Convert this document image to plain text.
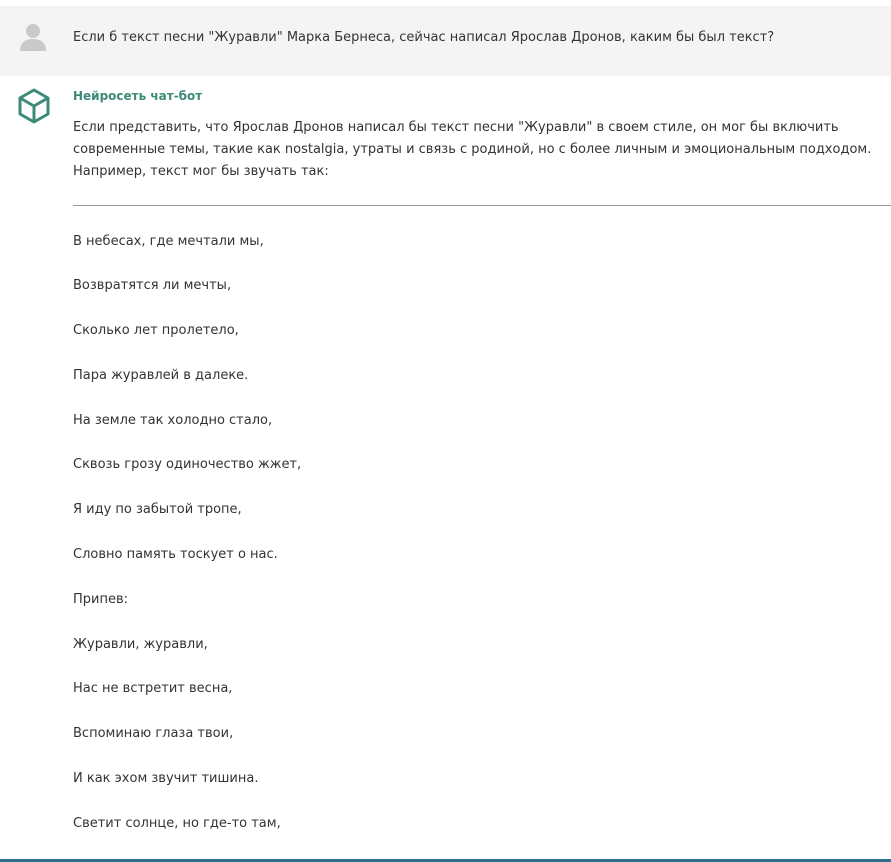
Если б текст песни "Журавли" Марка Бернеса, сейчас написал Ярослав Дронов, каким бы был текст?
Нейросеть чат-бот
Если представить, что Ярослав Дронов написал бы текст песни "Журавли" в своем стиле, он мог бы включить современные темы, такие как nostalgia, утраты и связь с родиной, но с более личным и эмоциональным подходом. Например, текст мог бы звучать так:
В небесах, где мечтали мы,
Возвратятся ли мечты,
Сколько лет пролетело,
Пара журавлей в далеке.
На земле так холодно стало,
Сквозь грозу одиночество жжет,
Я иду по забытой тропе,
Словно память тоскует о нас.
Припев:
Журавли, журавли,
Нас не встретит весна,
Вспоминаю глаза твои,
И как эхом звучит тишина.
Светит солнце, но где-то там,
